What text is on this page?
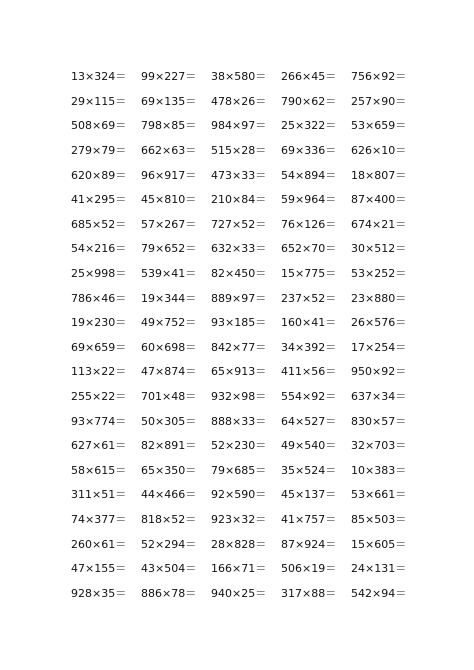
13×324＝	99×227＝	38×580＝	266×45＝	756×92＝
29×115＝	69×135＝	478×26＝	790×62＝	257×90＝
508×69＝	798×85＝	984×97＝	25×322＝	53×659＝
279×79＝	662×63＝	515×28＝	69×336＝	626×10＝
620×89＝	96×917＝	473×33＝	54×894＝	18×807＝
41×295＝	45×810＝	210×84＝	59×964＝	87×400＝
685×52＝	57×267＝	727×52＝	76×126＝	674×21＝
54×216＝	79×652＝	632×33＝	652×70＝	30×512＝
25×998＝	539×41＝	82×450＝	15×775＝	53×252＝
786×46＝	19×344＝	889×97＝	237×52＝	23×880＝
19×230＝	49×752＝	93×185＝	160×41＝	26×576＝
69×659＝	60×698＝	842×77＝	34×392＝	17×254＝
113×22＝	47×874＝	65×913＝	411×56＝	950×92＝
255×22＝	701×48＝	932×98＝	554×92＝	637×34＝
93×774＝	50×305＝	888×33＝	64×527＝	830×57＝
627×61＝	82×891＝	52×230＝	49×540＝	32×703＝
58×615＝	65×350＝	79×685＝	35×524＝	10×383＝
311×51＝	44×466＝	92×590＝	45×137＝	53×661＝
74×377＝	818×52＝	923×32＝	41×757＝	85×503＝
260×61＝	52×294＝	28×828＝	87×924＝	15×605＝
47×155＝	43×504＝	166×71＝	506×19＝	24×131＝
928×35＝	886×78＝	940×25＝	317×88＝	542×94＝
